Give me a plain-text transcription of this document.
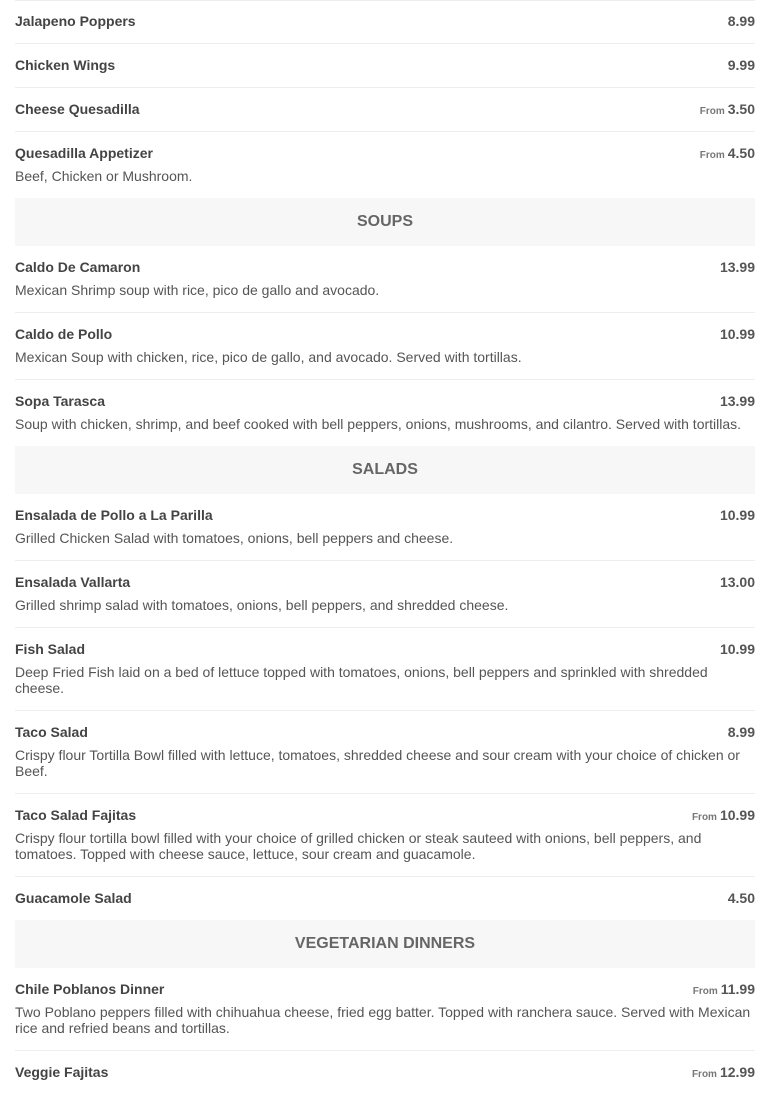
Jalapeno Poppers	8.99
Chicken Wings	9.99
Cheese Quesadilla	From 3.50
Quesadilla Appetizer	From 4.50
Beef, Chicken or Mushroom.
SOUPS
Caldo De Camaron	13.99
Mexican Shrimp soup with rice, pico de gallo and avocado.
Caldo de Pollo	10.99
Mexican Soup with chicken, rice, pico de gallo, and avocado. Served with tortillas.
Sopa Tarasca	13.99
Soup with chicken, shrimp, and beef cooked with bell peppers, onions, mushrooms, and cilantro. Served with tortillas.
SALADS
Ensalada de Pollo a La Parilla	10.99
Grilled Chicken Salad with tomatoes, onions, bell peppers and cheese.
Ensalada Vallarta	13.00
Grilled shrimp salad with tomatoes, onions, bell peppers, and shredded cheese.
Fish Salad	10.99
Deep Fried Fish laid on a bed of lettuce topped with tomatoes, onions, bell peppers and sprinkled with shredded cheese.
Taco Salad	8.99
Crispy flour Tortilla Bowl filled with lettuce, tomatoes, shredded cheese and sour cream with your choice of chicken or Beef.
Taco Salad Fajitas	From 10.99
Crispy flour tortilla bowl filled with your choice of grilled chicken or steak sauteed with onions, bell peppers, and tomatoes. Topped with cheese sauce, lettuce, sour cream and guacamole.
Guacamole Salad	4.50
VEGETARIAN DINNERS
Chile Poblanos Dinner	From 11.99
Two Poblano peppers filled with chihuahua cheese, fried egg batter. Topped with ranchera sauce. Served with Mexican rice and refried beans and tortillas.
Veggie Fajitas	From 12.99
